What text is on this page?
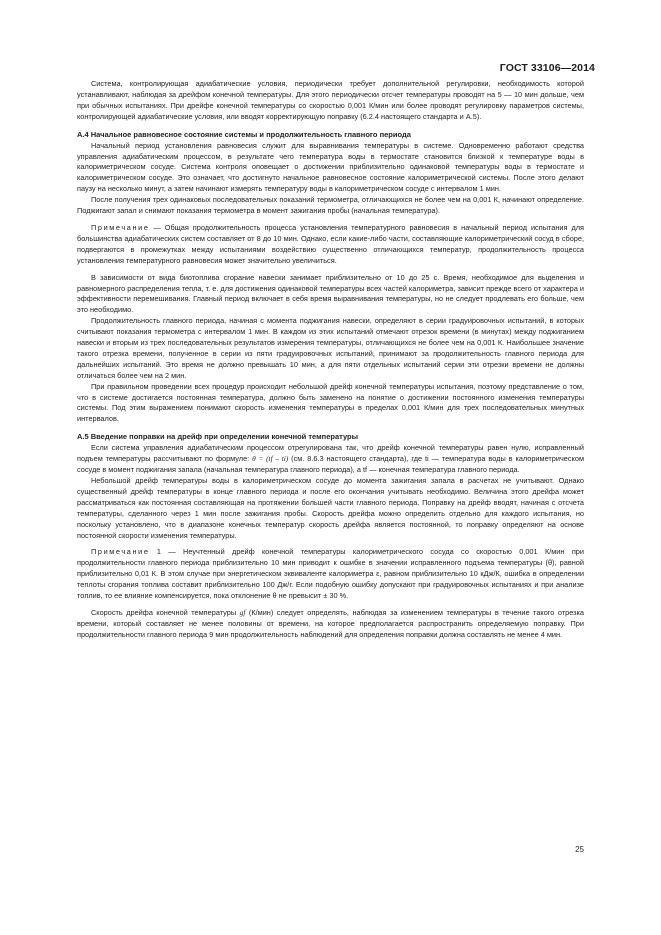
ГОСТ 33106—2014

Система, контролирующая адиабатические условия, периодически требует дополнительной регулировки, необходимость которой устанавливают, наблюдая за дрейфом конечной температуры. Для этого периодически отсчет температуры проводят на 5 — 10 мин дольше, чем при обычных испытаниях. При дрейфе конечной температуры со скоростью 0,001 К/мин или более проводят регулировку параметров системы, контролирующей адиабатические условия, или вводят корректирующую поправку (6.2.4 настоящего стандарта и А.5).

А.4 Начальное равновесное состояние системы и продолжительность главного периода

Начальный период установления равновесия служит для выравнивания температуры в системе. Одновременно работают средства управления адиабатическим процессом, в результате чего температура воды в термостате становится близкой к температуре воды в калориметрическом сосуде. Система контроля оповещает о достижении приблизительно одинаковой температуры воды в термостате и калориметрическом сосуде. Это означает, что достигнуто начальное равновесное состояние калориметрической системы. После этого делают паузу на несколько минут, а затем начинают измерять температуру воды в калориметрическом сосуде с интервалом 1 мин.

После получения трех одинаковых последовательных показаний термометра, отличающихся не более чем на 0,001 К, начинают определение. Поджигают запал и снимают показания термометра в момент зажигания пробы (начальная температура).

Примечание — Общая продолжительность процесса установления температурного равновесия в начальный период испытания для большинства адиабатических систем составляет от 8 до 10 мин. Однако, если какие-либо части, составляющие калориметрический сосуд в сборе, подвергаются в промежутках между испытаниями воздействию существенно отличающихся температур, продолжительность процесса установления температурного равновесия может значительно увеличиться.

В зависимости от вида биотоплива сгорание навески занимает приблизительно от 10 до 25 с. Время, необходимое для выделения и равномерного распределения тепла, т. е. для достижения одинаковой температуры всех частей калориметра, зависит прежде всего от характера и эффективности перемешивания. Главный период включает в себя время выравнивания температуры, но не следует продлевать его больше, чем это необходимо.

Продолжительность главного периода, начиная с момента поджигания навески, определяют в серии градуировочных испытаний, в которых считывают показания термометра с интервалом 1 мин. В каждом из этих испытаний отмечают отрезок времени (в минутах) между поджиганием навески и вторым из трех последовательных результатов измерения температуры, отличающихся не более чем на 0,001 К. Наибольшее значение такого отрезка времени, полученное в серии из пяти градуировочных испытаний, принимают за продолжительность главного периода для дальнейших испытаний. Это время не должно превышать 10 мин, а для пяти отдельных испытаний серии эти отрезки времени не должны отличаться более чем на 2 мин.

При правильном проведении всех процедур происходит небольшой дрейф конечной температуры испытания, поэтому представление о том, что в системе достигается постоянная температура, должно быть заменено на понятие о достижении постоянного изменения температуры системы. Под этим выражением понимают скорость изменения температуры в пределах 0,001 К/мин для трех последовательных минутных интервалов.

А.5 Введение поправки на дрейф при определении конечной температуры

Если система управления адиабатическим процессом отрегулирована так, что дрейф конечной температуры равен нулю, исправленный подъем температуры рассчитывают по формуле: θ = (tf – ti) (см. 8.6.3 настоящего стандарта), где ti — температура воды в калориметрическом сосуде в момент поджигания запала (начальная температура главного периода), а tf — конечная температура главного периода.

Небольшой дрейф температуры воды в калориметрическом сосуде до момента зажигания запала в расчетах не учитывают. Однако существенный дрейф температуры в конце главного периода и после его окончания учитывать необходимо. Величина этого дрейфа может рассматриваться как постоянная составляющая на протяжении большей части главного периода. Поправку на дрейф вводят, начиная с отсчета температуры, сделанного через 1 мин после зажигания пробы. Скорость дрейфа можно определить отдельно для каждого испытания, но поскольку установлено, что в диапазоне конечных температур скорость дрейфа является постоянной, то поправку определяют на основе постоянной скорости изменения температуры.

Примечание 1 — Неучтенный дрейф конечной температуры калориметрического сосуда со скоростью 0,001 К/мин при продолжительности главного периода приблизительно 10 мин приводит к ошибке в значении исправленного подъема температуры (θ), равной приблизительно 0,01 К. В этом случае при энергетическом эквиваленте калориметра ε, равном приблизительно 10 кДж/К, ошибка в определении теплоты сгорания топлива составит приблизительно 100 Дж/г. Если подобную ошибку допускают при градуировочных испытаниях и при анализе топлив, то ее влияние компенсируется, пока отклонение θ не превысит ± 30 %.

Скорость дрейфа конечной температуры gf (К/мин) следует определять, наблюдая за изменением температуры в течение такого отрезка времени, который составляет не менее половины от времени, на которое предполагается распространить определяемую поправку. При продолжительности главного периода 9 мин продолжительность наблюдений для определения поправки должна составлять не менее 4 мин.

25
